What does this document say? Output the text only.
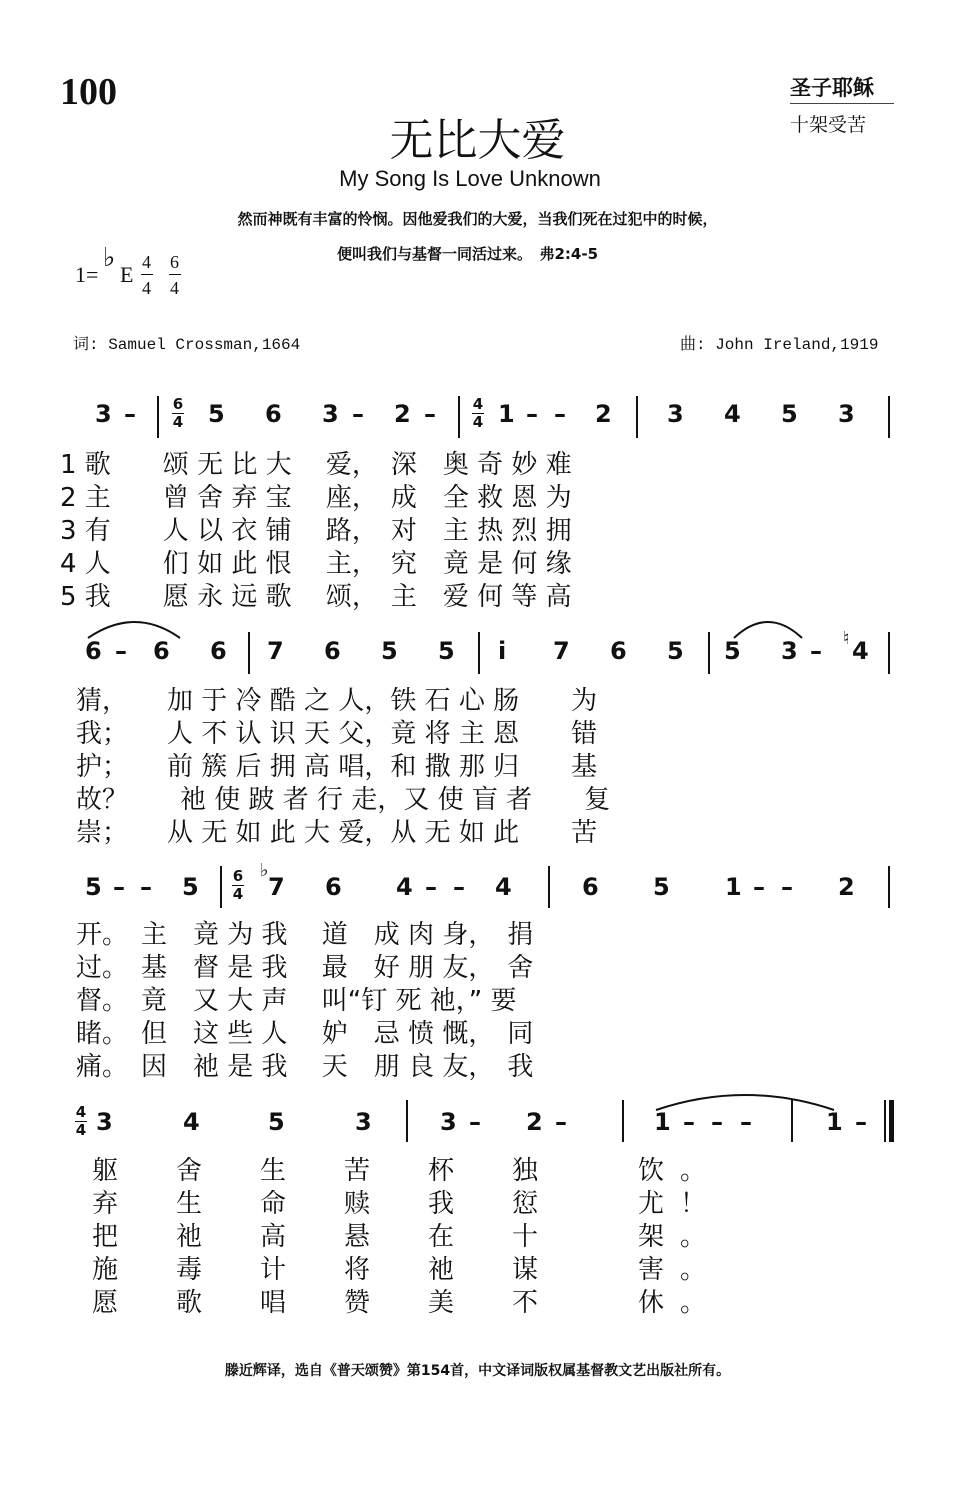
100	圣子耶稣
十架受苦
无比大爱
My Song Is Love Unknown
然而神既有丰富的怜悯。因他爱我们的大爱，当我们死在过犯中的时候，
便叫我们与基督一同活过来。　弗2:4-5
1=
♭
E 4
4
6
4
词: Samuel Crossman,1664	曲: John Ireland,1919
3 –	6
4 5 6 3 – 2 –	4
4 1 – – 2 3 4 5 3
1 歌　　颂 无 比 大　 爱，　深　奥 奇 妙 难
2 主　　曾 舍 弃 宝　 座，　成　全 救 恩 为
3 有　　人 以 衣 铺　 路，　对　主 热 烈 拥
4 人　　们 如 此 恨　 主，　究　竟 是 何 缘
5 我　　愿 永 远 歌　 颂，　主　爱 何 等 高
6 – 6 6 7 6 5 5 i 7 6 5 5 3 – ♮ 4
猜，　　加 于 冷 酷 之 人，铁 石 心 肠　　为
我；　　人 不 认 识 天 父，竟 将 主 恩　　错
护；　　前 簇 后 拥 高 唱，和 撒 那 归　　基
故？　　祂 使 跛 者 行 走，又 使 盲 者　　复
崇；　　从 无 如 此 大 爱，从 无 如 此　　苦
5 – – 5	6
4
♭
7 6 4 – – 4	6 5 1 – – 2
开。　主　竟 为 我　 道　成 肉 身，　捐
过。　基　督 是 我　 最　好 朋 友，　舍
督。　竟　又 大 声　 叫“钉 死 祂，” 要
睹。　但　这 些 人　 妒　忌 愤 慨，　同
痛。　因　祂 是 我　 天　朋 良 友，　我
4
4 3	4	5	3	3 – 2 –	1 – – –	1 –
躯　舍　生　苦　杯　独　　饮。
弃　生　命　赎　我　愆　　尤！
把　祂　高　悬　在　十　　架。
施　毒　计　将　祂　谋　　害。
愿　歌　唱　赞　美　不　　休。
滕近辉译，选自《普天颂赞》第154首，中文译词版权属基督教文艺出版社所有。
